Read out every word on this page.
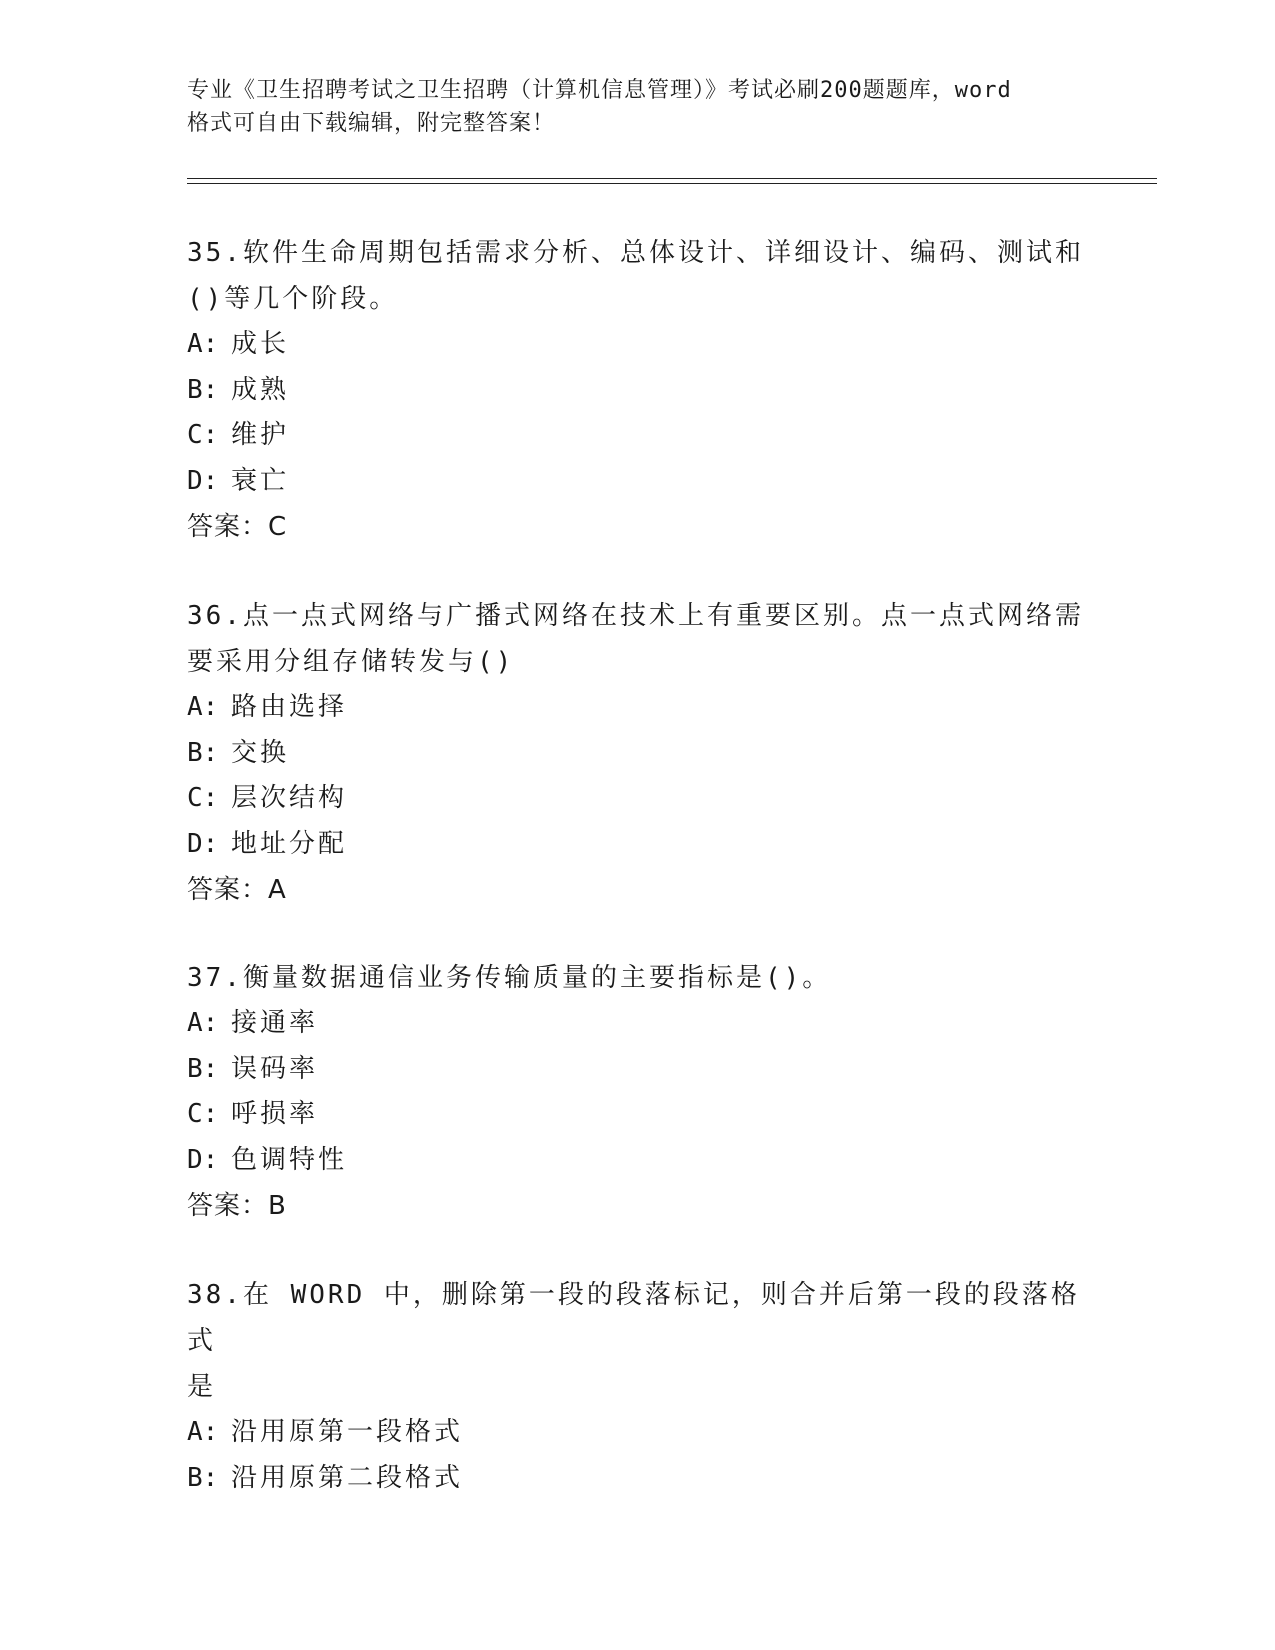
专业《卫生招聘考试之卫生招聘（计算机信息管理）》考试必刷200题题库，word
格式可自由下载编辑，附完整答案！

35.软件生命周期包括需求分析、总体设计、详细设计、编码、测试和

()等几个阶段。

A: 成长

B: 成熟

C: 维护

D: 衰亡

答案：C

36.点一点式网络与广播式网络在技术上有重要区别。点一点式网络需

要采用分组存储转发与()

A: 路由选择

B: 交换

C: 层次结构

D: 地址分配

答案：A

37.衡量数据通信业务传输质量的主要指标是()。

A: 接通率

B: 误码率

C: 呼损率

D: 色调特性

答案：B

38.在 WORD 中，删除第一段的段落标记，则合并后第一段的段落格式

是

A: 沿用原第一段格式

B: 沿用原第二段格式
